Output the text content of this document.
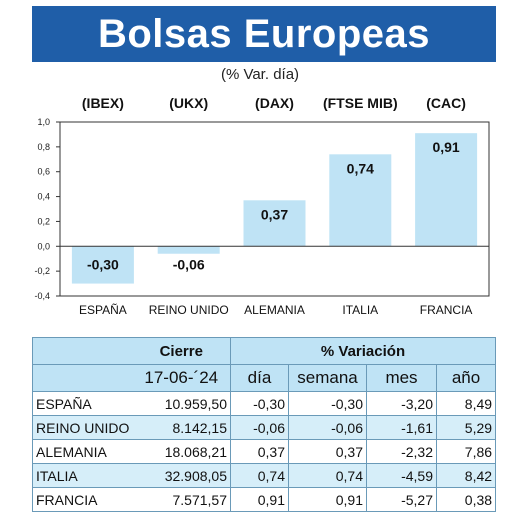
Bolsas Europeas
(% Var. día)
1,0
0,8
0,6
0,4
0,2
0,0
-0,2
-0,4
-0,30
ESPAÑA
(IBEX)
-0,06
REINO UNIDO
(UKX)
0,37
ALEMANIA
(DAX)
0,74
ITALIA
(FTSE MIB)
0,91
FRANCIA
(CAC)
	Cierre	% Variación			
	17-06-´24	día	semana	mes	año
ESPAÑA	10.959,50	-0,30	-0,30	-3,20	8,49
REINO UNIDO	8.142,15	-0,06	-0,06	-1,61	5,29
ALEMANIA	18.068,21	0,37	0,37	-2,32	7,86
ITALIA	32.908,05	0,74	0,74	-4,59	8,42
FRANCIA	7.571,57	0,91	0,91	-5,27	0,38
